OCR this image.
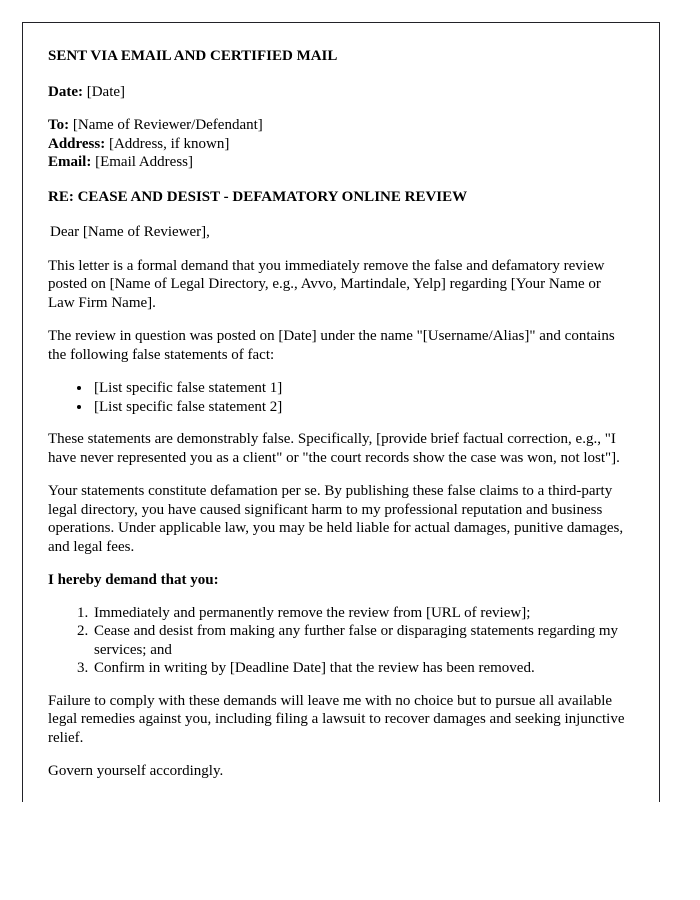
SENT VIA EMAIL AND CERTIFIED MAIL

Date: [Date]

To: [Name of Reviewer/Defendant]
Address: [Address, if known]
Email: [Email Address]

RE: CEASE AND DESIST - DEFAMATORY ONLINE REVIEW

Dear [Name of Reviewer],

This letter is a formal demand that you immediately remove the false and defamatory review posted on [Name of Legal Directory, e.g., Avvo, Martindale, Yelp] regarding [Your Name or Law Firm Name].

The review in question was posted on [Date] under the name "[Username/Alias]" and contains the following false statements of fact:

• [List specific false statement 1]
• [List specific false statement 2]

These statements are demonstrably false. Specifically, [provide brief factual correction, e.g., "I have never represented you as a client" or "the court records show the case was won, not lost"].

Your statements constitute defamation per se. By publishing these false claims to a third-party legal directory, you have caused significant harm to my professional reputation and business operations. Under applicable law, you may be held liable for actual damages, punitive damages, and legal fees.

I hereby demand that you:

1. Immediately and permanently remove the review from [URL of review];
2. Cease and desist from making any further false or disparaging statements regarding my services; and
3. Confirm in writing by [Deadline Date] that the review has been removed.

Failure to comply with these demands will leave me with no choice but to pursue all available legal remedies against you, including filing a lawsuit to recover damages and seeking injunctive relief.

Govern yourself accordingly.
